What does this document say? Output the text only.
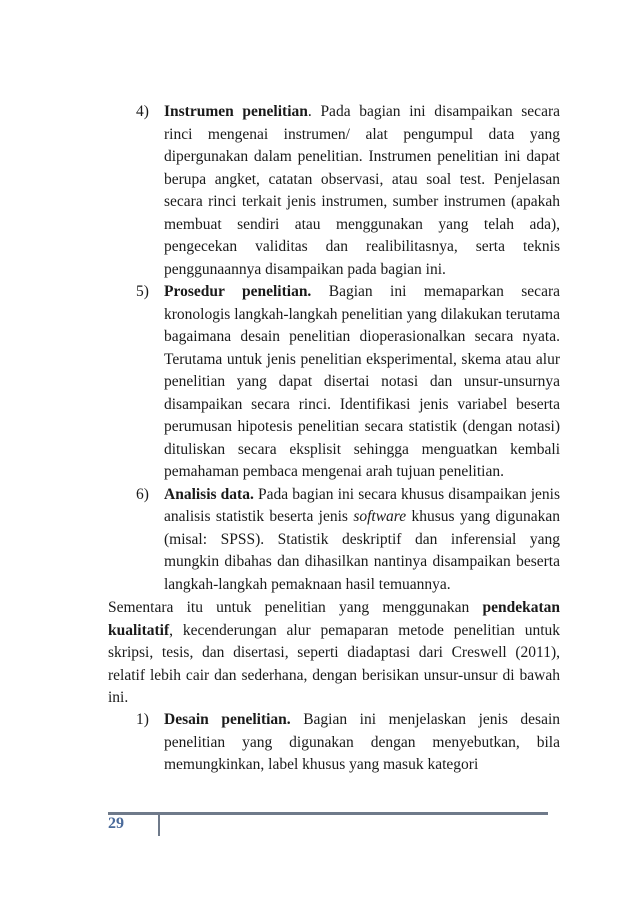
4) Instrumen penelitian. Pada bagian ini disampaikan secara rinci mengenai instrumen/ alat pengumpul data yang dipergunakan dalam penelitian. Instrumen penelitian ini dapat berupa angket, catatan observasi, atau soal test. Penjelasan secara rinci terkait jenis instrumen, sumber instrumen (apakah membuat sendiri atau menggunakan yang telah ada), pengecekan validitas dan realibilitasnya, serta teknis penggunaannya disampaikan pada bagian ini.

5) Prosedur penelitian. Bagian ini memaparkan secara kronologis langkah-langkah penelitian yang dilakukan terutama bagaimana desain penelitian dioperasionalkan secara nyata. Terutama untuk jenis penelitian eksperimental, skema atau alur penelitian yang dapat disertai notasi dan unsur-unsurnya disampaikan secara rinci. Identifikasi jenis variabel beserta perumusan hipotesis penelitian secara statistik (dengan notasi) dituliskan secara eksplisit sehingga menguatkan kembali pemahaman pembaca mengenai arah tujuan penelitian.

6) Analisis data. Pada bagian ini secara khusus disampaikan jenis analisis statistik beserta jenis software khusus yang digunakan (misal: SPSS). Statistik deskriptif dan inferensial yang mungkin dibahas dan dihasilkan nantinya disampaikan beserta langkah-langkah pemaknaan hasil temuannya.

Sementara itu untuk penelitian yang menggunakan pendekatan kualitatif, kecenderungan alur pemaparan metode penelitian untuk skripsi, tesis, dan disertasi, seperti diadaptasi dari Creswell (2011), relatif lebih cair dan sederhana, dengan berisikan unsur-unsur di bawah ini.

1) Desain penelitian. Bagian ini menjelaskan jenis desain penelitian yang digunakan dengan menyebutkan, bila memungkinkan, label khusus yang masuk kategori

29
